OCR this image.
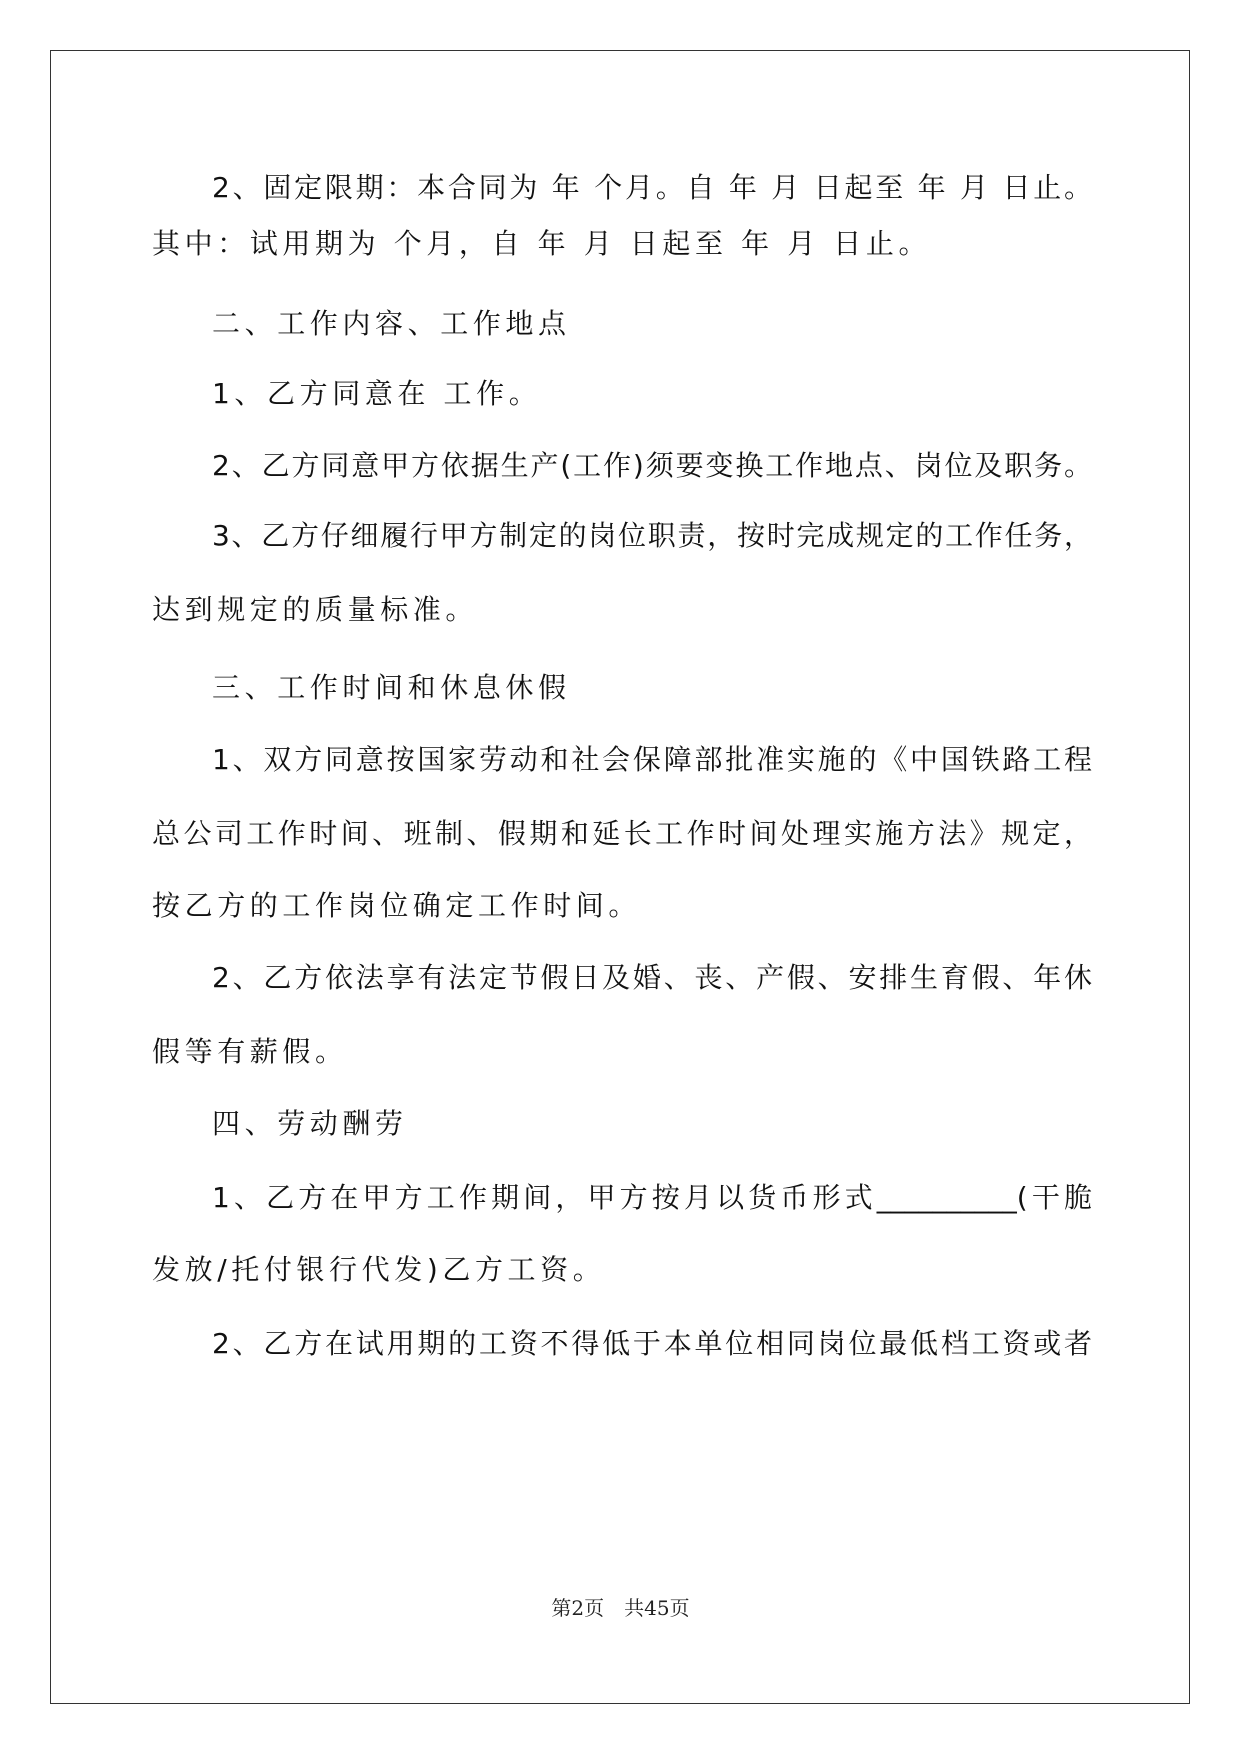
2、固定限期：本合同为 年 个月。自 年 月 日起至 年 月 日止。
其中：试用期为 个月，自 年 月 日起至 年 月 日止。
二、工作内容、工作地点
1、乙方同意在 工作。
2、乙方同意甲方依据生产(工作)须要变换工作地点、岗位及职务。
3、乙方仔细履行甲方制定的岗位职责，按时完成规定的工作任务，
达到规定的质量标准。
三、工作时间和休息休假
1、双方同意按国家劳动和社会保障部批准实施的《中国铁路工程
总公司工作时间、班制、假期和延长工作时间处理实施方法》规定，
按乙方的工作岗位确定工作时间。
2、乙方依法享有法定节假日及婚、丧、产假、安排生育假、年休
假等有薪假。
四、劳动酬劳
1、乙方在甲方工作期间，甲方按月以货币形式__________(干脆
发放/托付银行代发)乙方工资。
2、乙方在试用期的工资不得低于本单位相同岗位最低档工资或者
第2页　共45页
